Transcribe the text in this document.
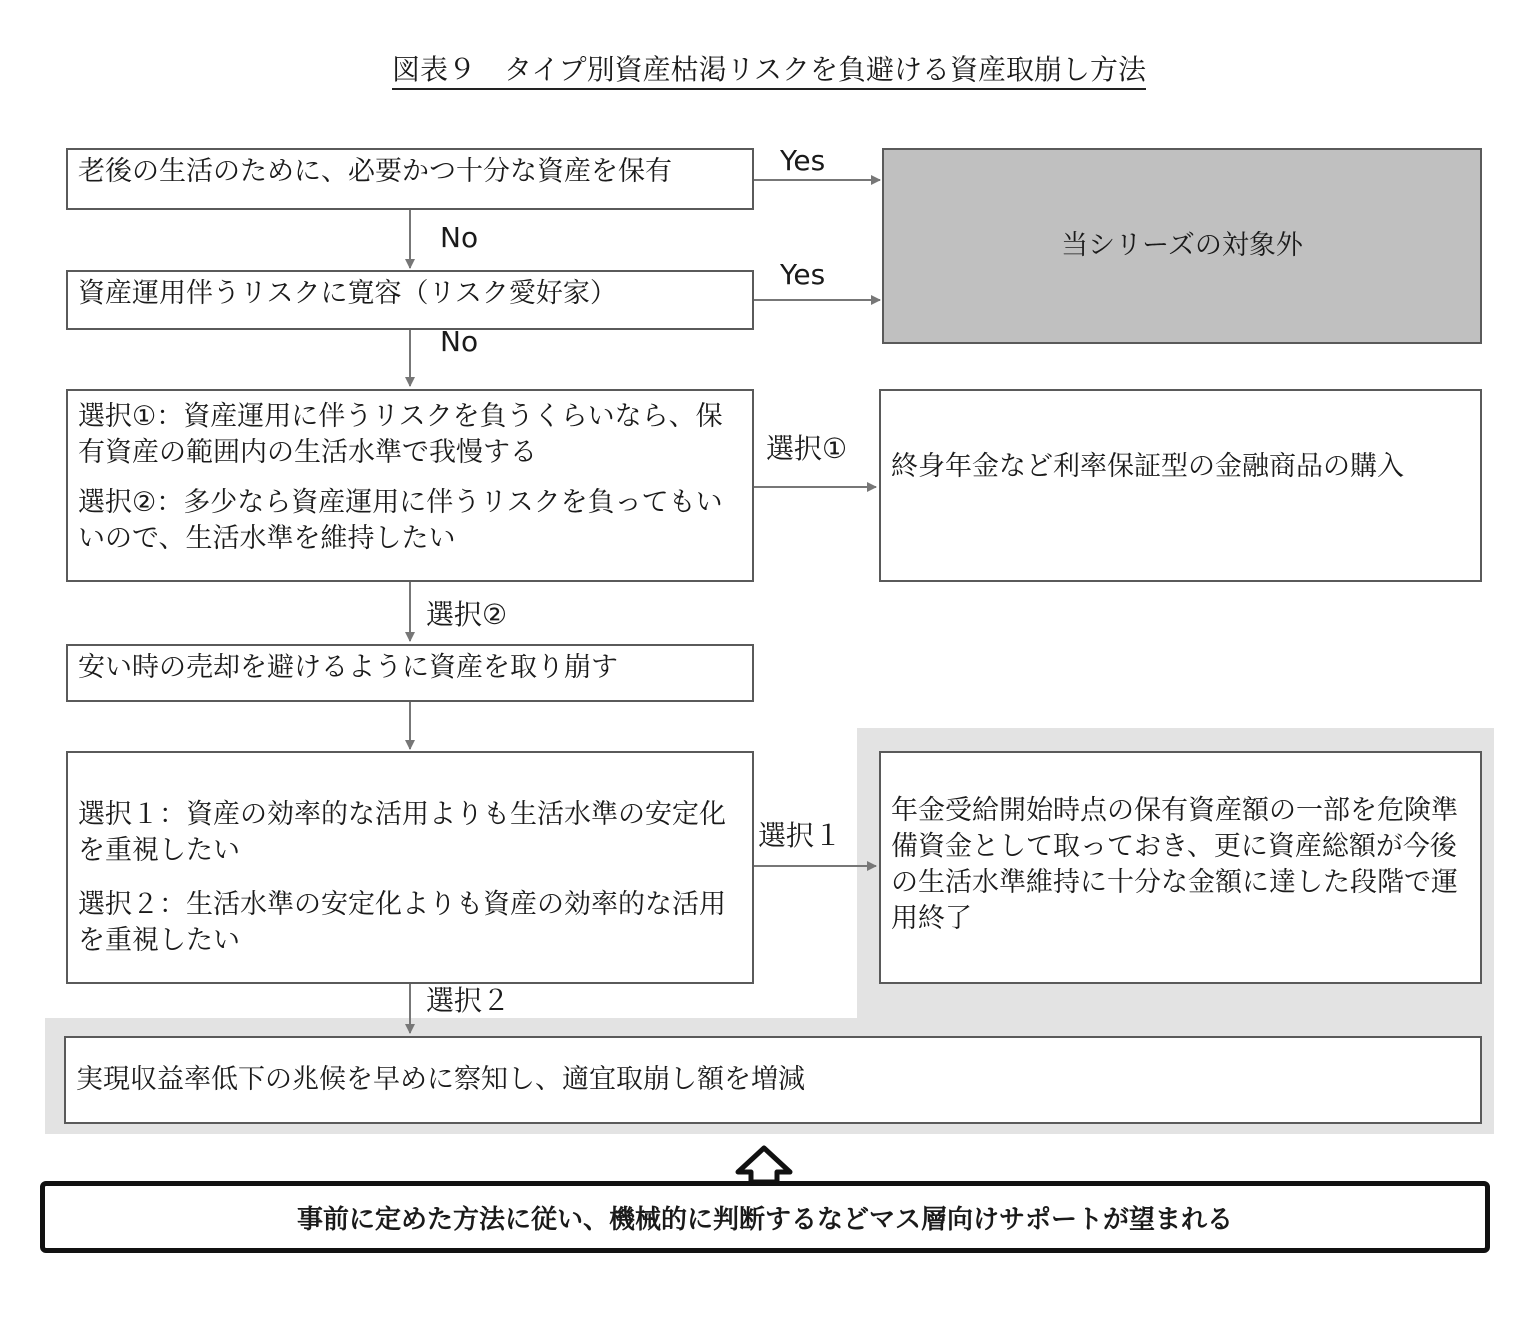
図表９　タイプ別資産枯渇リスクを負避ける資産取崩し方法

老後の生活のために、必要かつ十分な資産を保有

資産運用伴うリスクに寛容（リスク愛好家）

選択①：資産運用に伴うリスクを負うくらいなら、保有資産の範囲内の生活水準で我慢する

選択②：多少なら資産運用に伴うリスクを負ってもいいので、生活水準を維持したい

安い時の売却を避けるように資産を取り崩す

選択１：資産の効率的な活用よりも生活水準の安定化を重視したい

選択２：生活水準の安定化よりも資産の効率的な活用を重視したい

当シリーズの対象外

終身年金など利率保証型の金融商品の購入

年金受給開始時点の保有資産額の一部を危険準備資金として取っておき、更に資産総額が今後の生活水準維持に十分な金額に達した段階で運用終了

実現収益率低下の兆候を早めに察知し、適宜取崩し額を増減

Yes
No
Yes
No
選択①
選択②
選択１
選択２
事前に定めた方法に従い、機械的に判断するなどマス層向けサポートが望まれる
